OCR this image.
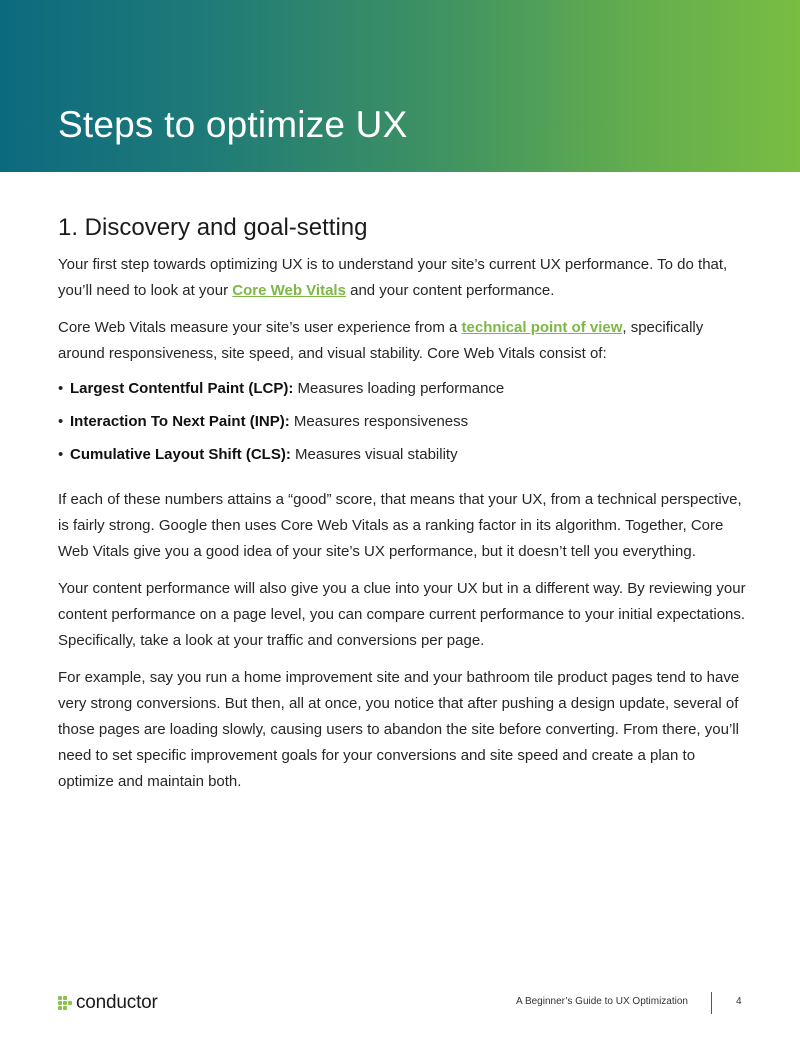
Steps to optimize UX
1. Discovery and goal-setting

Your first step towards optimizing UX is to understand your site’s current UX performance. To do that, you’ll need to look at your Core Web Vitals and your content performance.

Core Web Vitals measure your site’s user experience from a technical point of view, specifically around responsiveness, site speed, and visual stability. Core Web Vitals consist of:

• Largest Contentful Paint (LCP): Measures loading performance
• Interaction To Next Paint (INP): Measures responsiveness
• Cumulative Layout Shift (CLS): Measures visual stability

If each of these numbers attains a “good” score, that means that your UX, from a technical perspective, is fairly strong. Google then uses Core Web Vitals as a ranking factor in its algorithm. Together, Core Web Vitals give you a good idea of your site’s UX performance, but it doesn’t tell you everything.

Your content performance will also give you a clue into your UX but in a different way. By reviewing your content performance on a page level, you can compare current performance to your initial expectations. Specifically, take a look at your traffic and conversions per page.

For example, say you run a home improvement site and your bathroom tile product pages tend to have very strong conversions. But then, all at once, you notice that after pushing a design update, several of those pages are loading slowly, causing users to abandon the site before converting. From there, you’ll need to set specific improvement goals for your conversions and site speed and create a plan to optimize and maintain both.

conductor	A Beginner’s Guide to UX Optimization	4
